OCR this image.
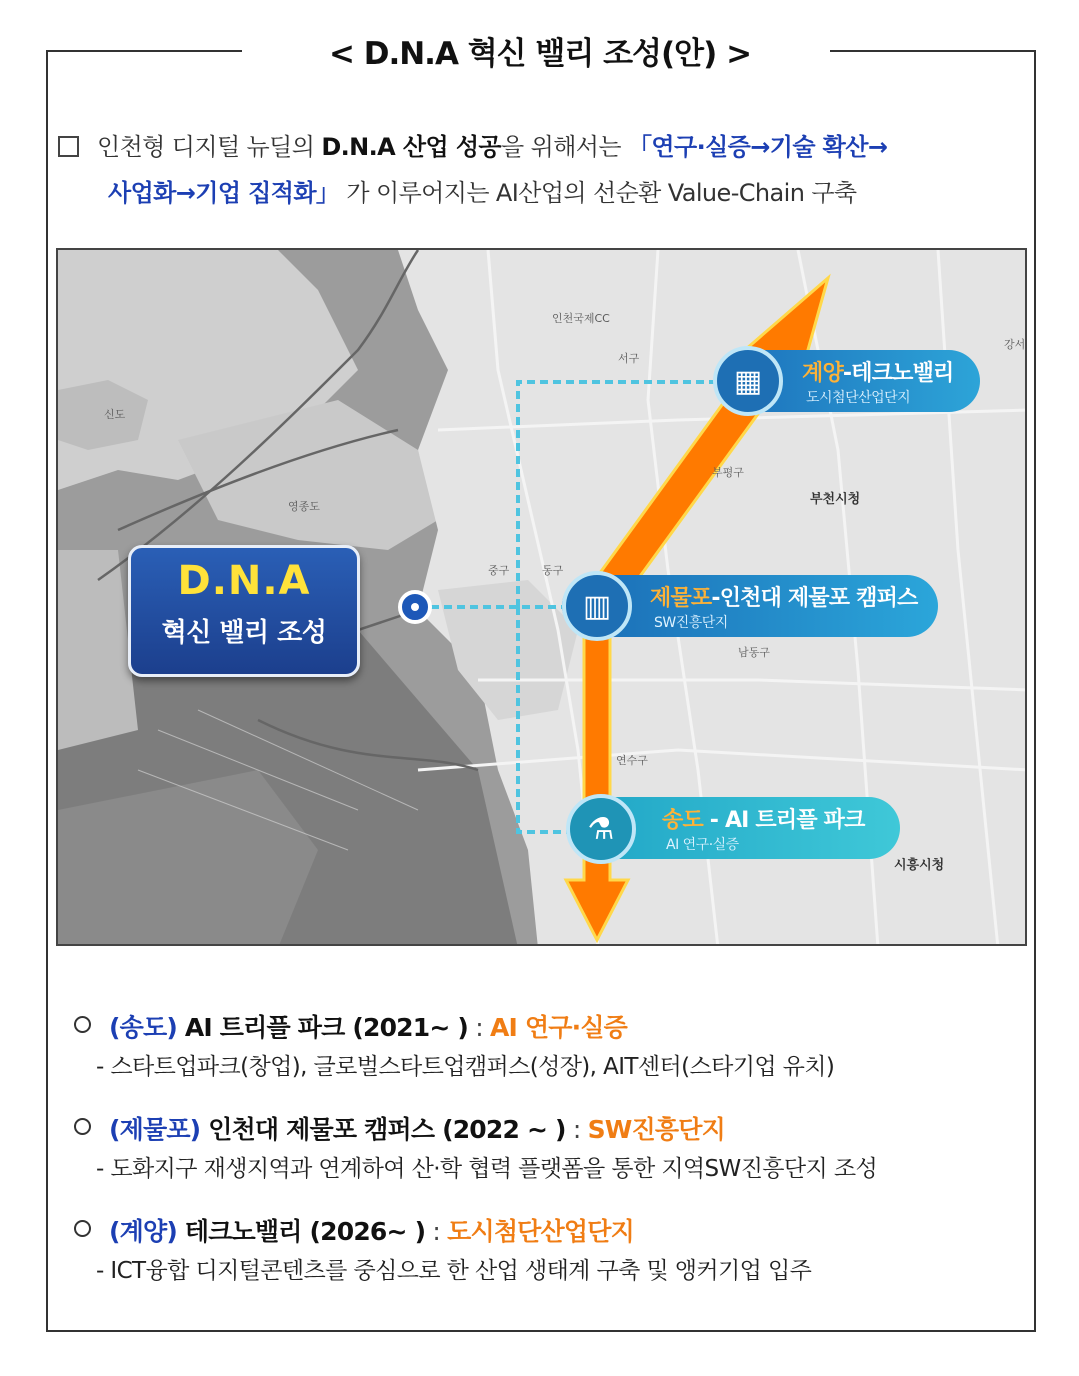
< D.N.A 혁신 밸리 조성(안) >
인천형 디지털 뉴딜의 D.N.A 산업 성공을 위해서는 「연구·실증→기술 확산→
사업화→기업 집적화」 가 이루어지는 AI산업의 선순환 Value-Chain 구축
D.N.A
혁신 밸리 조성
계양-테크노밸리
도시첨단산업단지
▦
제물포-인천대 제물포 캠퍼스
SW진흥단지
▥
송도 - AI 트리플 파크
AI 연구·실증
⚗
부천시청
서구
부평구
중구	동구
남동구
연수구
시흥시청
영종도
신도
강서
인천국제CC
(송도) AI 트리플 파크 (2021~ ) : AI 연구·실증
- 스타트업파크(창업), 글로벌스타트업캠퍼스(성장), AIT센터(스타기업 유치)
(제물포) 인천대 제물포 캠퍼스 (2022 ~ ) : SW진흥단지
- 도화지구 재생지역과 연계하여 산·학 협력 플랫폼을 통한 지역SW진흥단지 조성
(계양) 테크노밸리 (2026~ ) : 도시첨단산업단지
- ICT융합 디지털콘텐츠를 중심으로 한 산업 생태계 구축 및 앵커기업 입주
